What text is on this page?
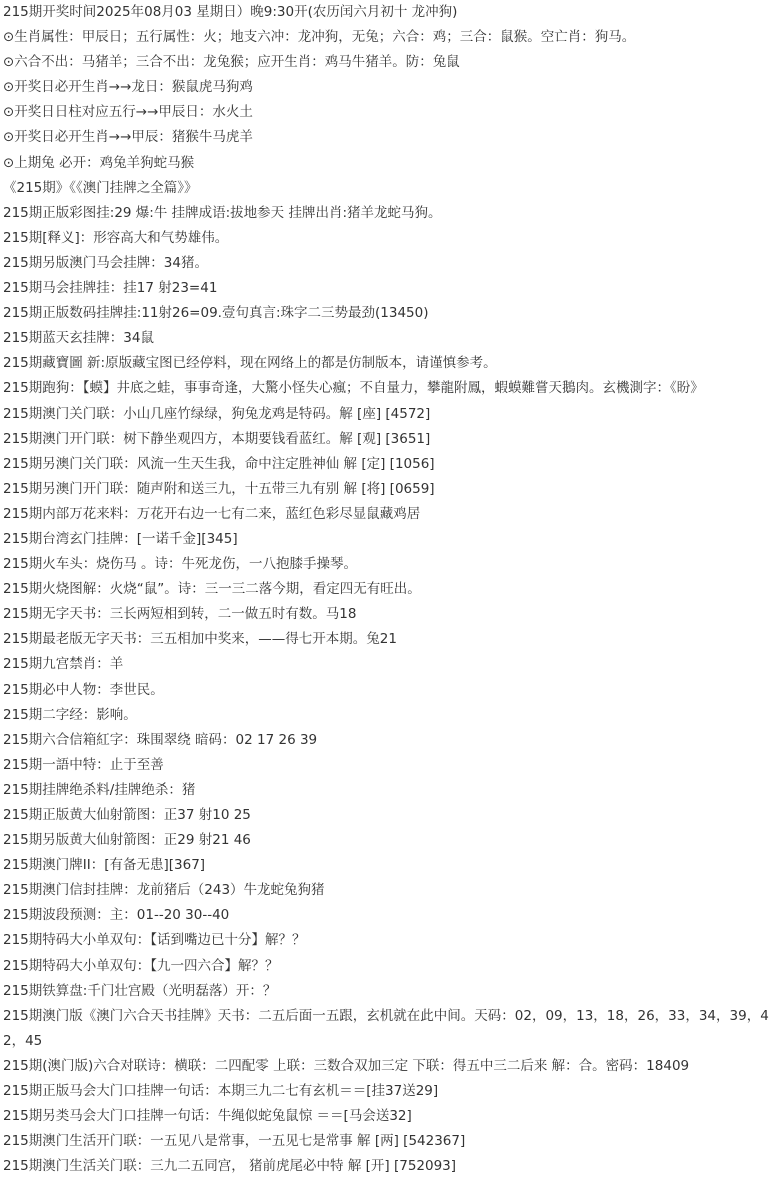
215期开奖时间2025年08月03 星期日）晚9:30开(农历闰六月初十 龙冲狗)

⊙生肖属性：甲辰日；五行属性：火；地支六冲：龙冲狗，无兔；六合：鸡；三合：鼠猴。空亡肖：狗马。

⊙六合不出：马猪羊；三合不出：龙兔猴；应开生肖：鸡马牛猪羊。防：兔鼠

⊙开奖日必开生肖→→龙日：猴鼠虎马狗鸡

⊙开奖日日柱对应五行→→甲辰日：水火土

⊙开奖日必开生肖→→甲辰：猪猴牛马虎羊

⊙上期兔 必开：鸡兔羊狗蛇马猴

《215期》《《澳门挂牌之全篇》》

215期正版彩图挂:29 爆:牛 挂牌成语:拔地参天 挂牌出肖:猪羊龙蛇马狗。

215期[释义]：形容高大和气势雄伟。

215期另版澳门马会挂牌：34猪。

215期马会挂牌挂：挂17 射23=41

215期正版数码挂牌挂:11射26=09.壹句真言:珠字二三势最劲(13450)

215期蓝天玄挂牌：34鼠

215期藏寶圖 新:原版藏宝图已经停料，现在网络上的都是仿制版本，请谨慎参考。

215期跑狗：【蟆】井底之蛙，事事奇逢，大驚小怪失心瘋；不自量力，攀龍附鳳，蝦蟆難嘗天鵝肉。玄機測字：《盼》

215期澳门关门联：小山几座竹绿绿，狗兔龙鸡是特码。解 [座] [4572]

215期澳门开门联：树下静坐观四方，本期要钱看蓝红。解 [观] [3651]

215期另澳门关门联：风流一生天生我，命中注定胜神仙 解 [定] [1056]

215期另澳门开门联：随声附和送三九，十五带三九有别 解 [将] [0659]

215期内部万花来料：万花开右边一七有二来，蓝红色彩尽显鼠藏鸡居

215期台湾玄门挂牌：[一诺千金][345]

215期火车头：烧伤马 。诗：牛死龙伤，一八抱膝手操琴。

215期火烧图解：火烧“鼠”。诗：三一三二落今期，看定四无有旺出。

215期无字天书：三长两短相到转，二一做五时有数。马18

215期最老版无字天书：三五相加中奖来，——得七开本期。兔21

215期九宫禁肖：羊

215期必中人物：李世民。

215期二字经：影响。

215期六合信箱紅字：珠围翠绕 暗码：02 17 26 39

215期一語中特：止于至善

215期挂牌绝杀料/挂牌绝杀：猪

215期正版黄大仙射箭图：正37 射10 25

215期另版黄大仙射箭图：正29 射21 46

215期澳门牌II：[有备无患][367]

215期澳门信封挂牌：龙前猪后（243）牛龙蛇兔狗猪

215期波段预测：主：01--20 30--40

215期特码大小单双句：【话到嘴边已十分】解？？

215期特码大小单双句：【九一四六合】解？？

215期铁算盘:千门壮宫殿（光明磊落）开：？

215期澳门版《澳门六合天书挂牌》天书：二五后面一五跟，玄机就在此中间。天码：02，09，13，18，26，33，34，39，42，45

215期(澳门版)六合对联诗：横联：二四配零 上联：三数合双加三定 下联：得五中三二后来 解：合。密码：18409

215期正版马会大门口挂牌一句话：本期三九二七有玄机＝＝[挂37送29]

215期另类马会大门口挂牌一句话：牛绳似蛇兔鼠惊 ＝＝[马会送32]

215期澳门生活开门联：一五见八是常事，一五见七是常事 解 [两] [542367]

215期澳门生活关门联：三九二五同宫， 猪前虎尾必中特 解 [开] [752093]
